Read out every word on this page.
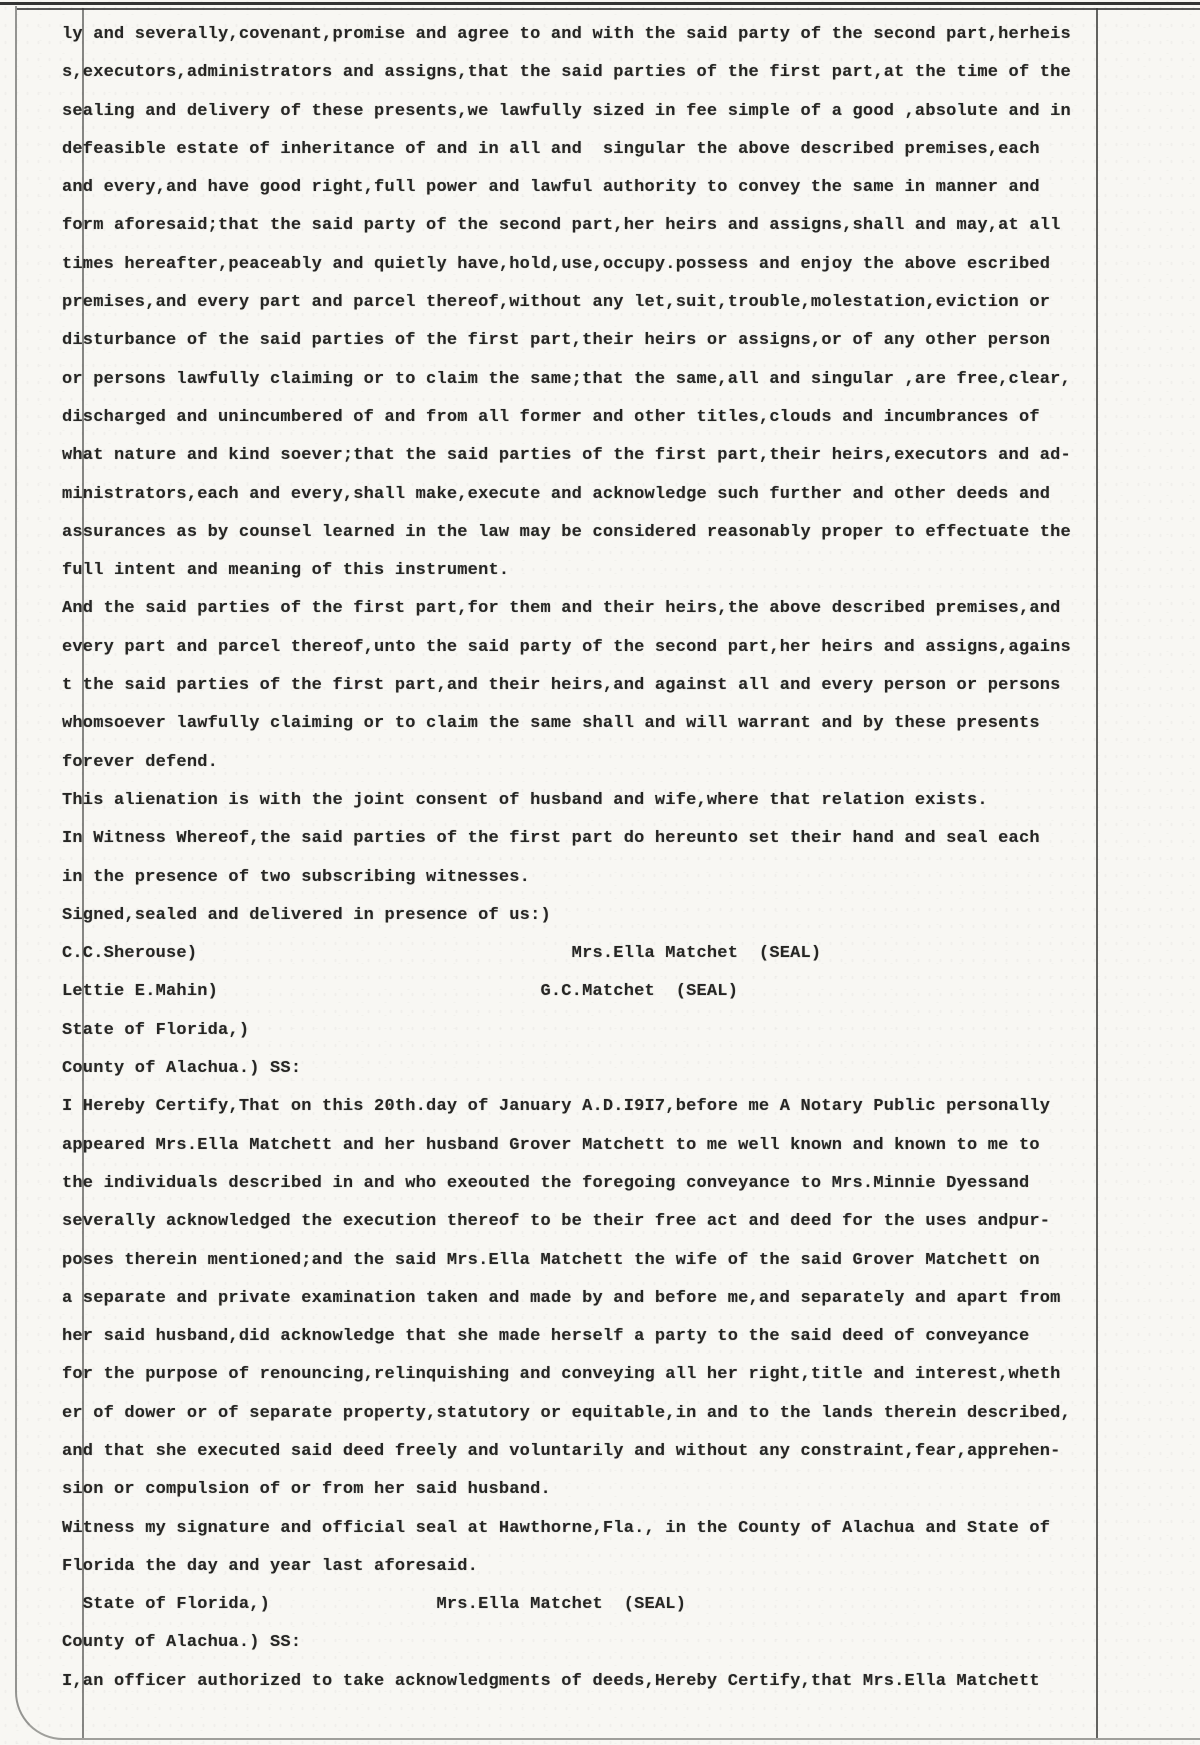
ly and severally,covenant,promise and agree to and with the said party of the second part,herheis
s,executors,administrators and assigns,that the said parties of the first part,at the time of the
sealing and delivery of these presents,we lawfully sized in fee simple of a good ,absolute and in
defeasible estate of inheritance of and in all and  singular the above described premises,each
and every,and have good right,full power and lawful authority to convey the same in manner and
form aforesaid;that the said party of the second part,her heirs and assigns,shall and may,at all
times hereafter,peaceably and quietly have,hold,use,occupy.possess and enjoy the above escribed
premises,and every part and parcel thereof,without any let,suit,trouble,molestation,eviction or
disturbance of the said parties of the first part,their heirs or assigns,or of any other person
or persons lawfully claiming or to claim the same;that the same,all and singular ,are free,clear,
discharged and unincumbered of and from all former and other titles,clouds and incumbrances of
what nature and kind soever;that the said parties of the first part,their heirs,executors and ad-
ministrators,each and every,shall make,execute and acknowledge such further and other deeds and
assurances as by counsel learned in the law may be considered reasonably proper to effectuate the
full intent and meaning of this instrument.
And the said parties of the first part,for them and their heirs,the above described premises,and
every part and parcel thereof,unto the said party of the second part,her heirs and assigns,agains
t the said parties of the first part,and their heirs,and against all and every person or persons
whomsoever lawfully claiming or to claim the same shall and will warrant and by these presents
forever defend.
This alienation is with the joint consent of husband and wife,where that relation exists.
In Witness Whereof,the said parties of the first part do hereunto set their hand and seal each
in the presence of two subscribing witnesses.
Signed,sealed and delivered in presence of us:)
C.C.Sherouse)                                    Mrs.Ella Matchet  (SEAL)
Lettie E.Mahin)                               G.C.Matchet  (SEAL)
State of Florida,)
County of Alachua.) SS:
I Hereby Certify,That on this 20th.day of January A.D.I9I7,before me A Notary Public personally
appeared Mrs.Ella Matchett and her husband Grover Matchett to me well known and known to me to
the individuals described in and who exeouted the foregoing conveyance to Mrs.Minnie Dyessand
severally acknowledged the execution thereof to be their free act and deed for the uses andpur-
poses therein mentioned;and the said Mrs.Ella Matchett the wife of the said Grover Matchett on
a separate and private examination taken and made by and before me,and separately and apart from
her said husband,did acknowledge that she made herself a party to the said deed of conveyance
for the purpose of renouncing,relinquishing and conveying all her right,title and interest,wheth
er of dower or of separate property,statutory or equitable,in and to the lands therein described,
and that she executed said deed freely and voluntarily and without any constraint,fear,apprehen-
sion or compulsion of or from her said husband.
Witness my signature and official seal at Hawthorne,Fla., in the County of Alachua and State of
Florida the day and year last aforesaid.
State of Florida,)                Mrs.Ella Matchet  (SEAL)
County of Alachua.) SS:
I,an officer authorized to take acknowledgments of deeds,Hereby Certify,that Mrs.Ella Matchett
